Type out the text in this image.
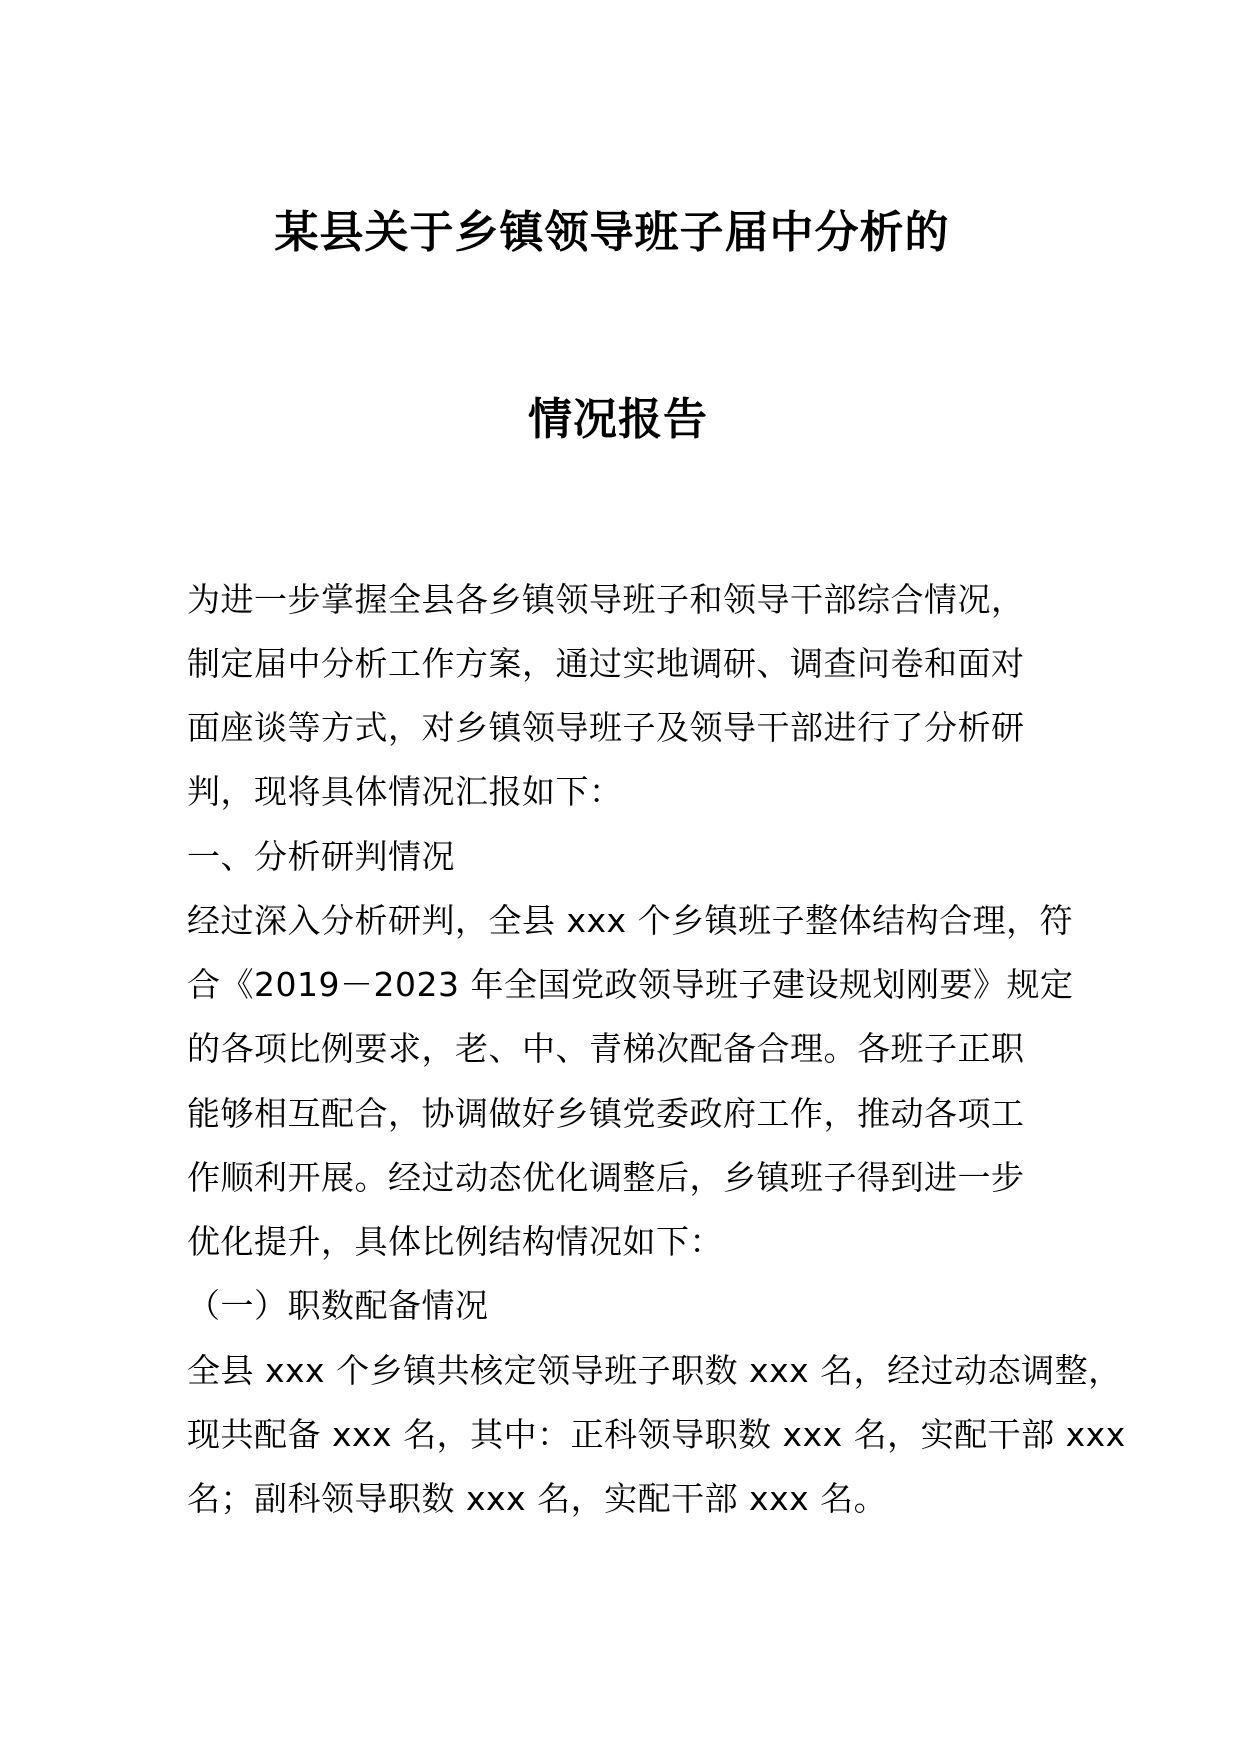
某县关于乡镇领导班子届中分析的
情况报告
为进一步掌握全县各乡镇领导班子和领导干部综合情况，
制定届中分析工作方案，通过实地调研、调查问卷和面对
面座谈等方式，对乡镇领导班子及领导干部进行了分析研
判，现将具体情况汇报如下：
一、分析研判情况
经过深入分析研判，全县 xxx 个乡镇班子整体结构合理，符
合《2019－2023 年全国党政领导班子建设规划刚要》规定
的各项比例要求，老、中、青梯次配备合理。各班子正职
能够相互配合，协调做好乡镇党委政府工作，推动各项工
作顺利开展。经过动态优化调整后，乡镇班子得到进一步
优化提升，具体比例结构情况如下：
（一）职数配备情况
全县 xxx 个乡镇共核定领导班子职数 xxx 名，经过动态调整，
现共配备 xxx 名，其中：正科领导职数 xxx 名，实配干部 xxx
名；副科领导职数 xxx 名，实配干部 xxx 名。
